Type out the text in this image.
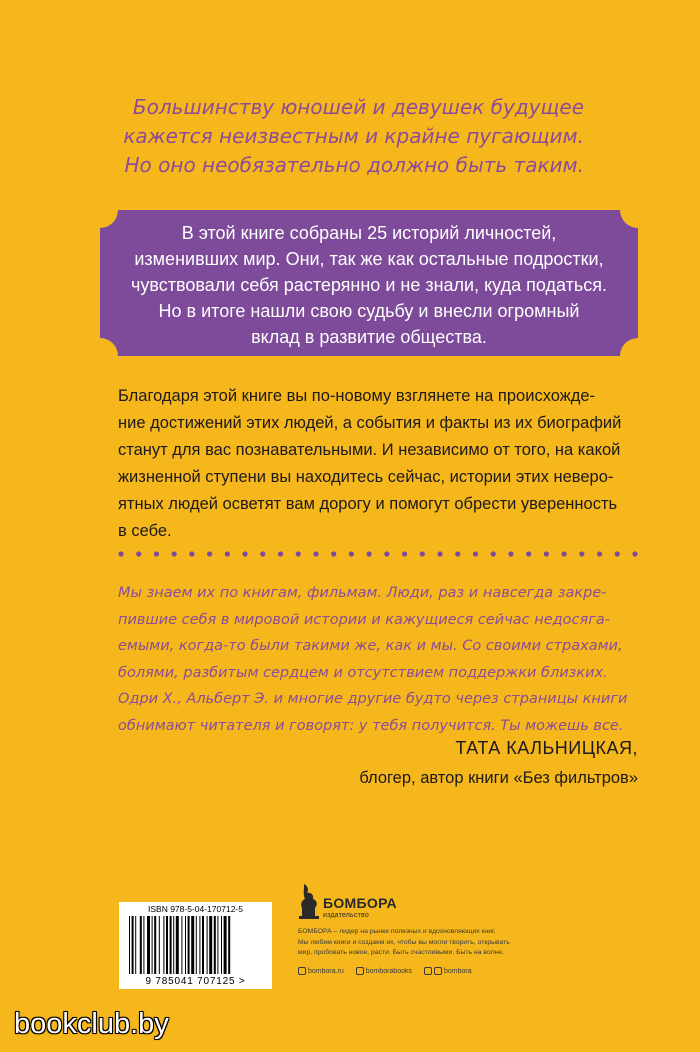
Большинству юношей и девушек будущее
кажется неизвестным и крайне пугающим.
Но оно необязательно должно быть таким.
В этой книге собраны 25 историй личностей,
изменивших мир. Они, так же как остальные подростки,
чувствовали себя растерянно и не знали, куда податься.
Но в итоге нашли свою судьбу и внесли огромный
вклад в развитие общества.
Благодаря этой книге вы по-новому взглянете на происхожде-
ние достижений этих людей, а события и факты из их биографий
станут для вас познавательными. И независимо от того, на какой
жизненной ступени вы находитесь сейчас, истории этих неверо-
ятных людей осветят вам дорогу и помогут обрести уверенность
в себе.
Мы знаем их по книгам, фильмам. Люди, раз и навсегда закре-
пившие себя в мировой истории и кажущиеся сейчас недосяга-
емыми, когда-то были такими же, как и мы. Со своими страхами,
болями, разбитым сердцем и отсутствием поддержки близких.
Одри Х., Альберт Э. и многие другие будто через страницы книги
обнимают читателя и говорят: у тебя получится. Ты можешь все.
ТАТА КАЛЬНИЦКАЯ,
блогер, автор книги «Без фильтров»
ISBN 978-5-04-170712-5
9 785041 707125 >
БОМБОРА
издательство
БОМБОРА – лидер на рынке полезных и вдохновляющих книг.
Мы любим книги и создаем их, чтобы вы могли творить, открывать
мир, пробовать новое, расти. Быть счастливыми. Быть на волне.
bombora.ru	bomborabooks	bombora
bookclub.by
